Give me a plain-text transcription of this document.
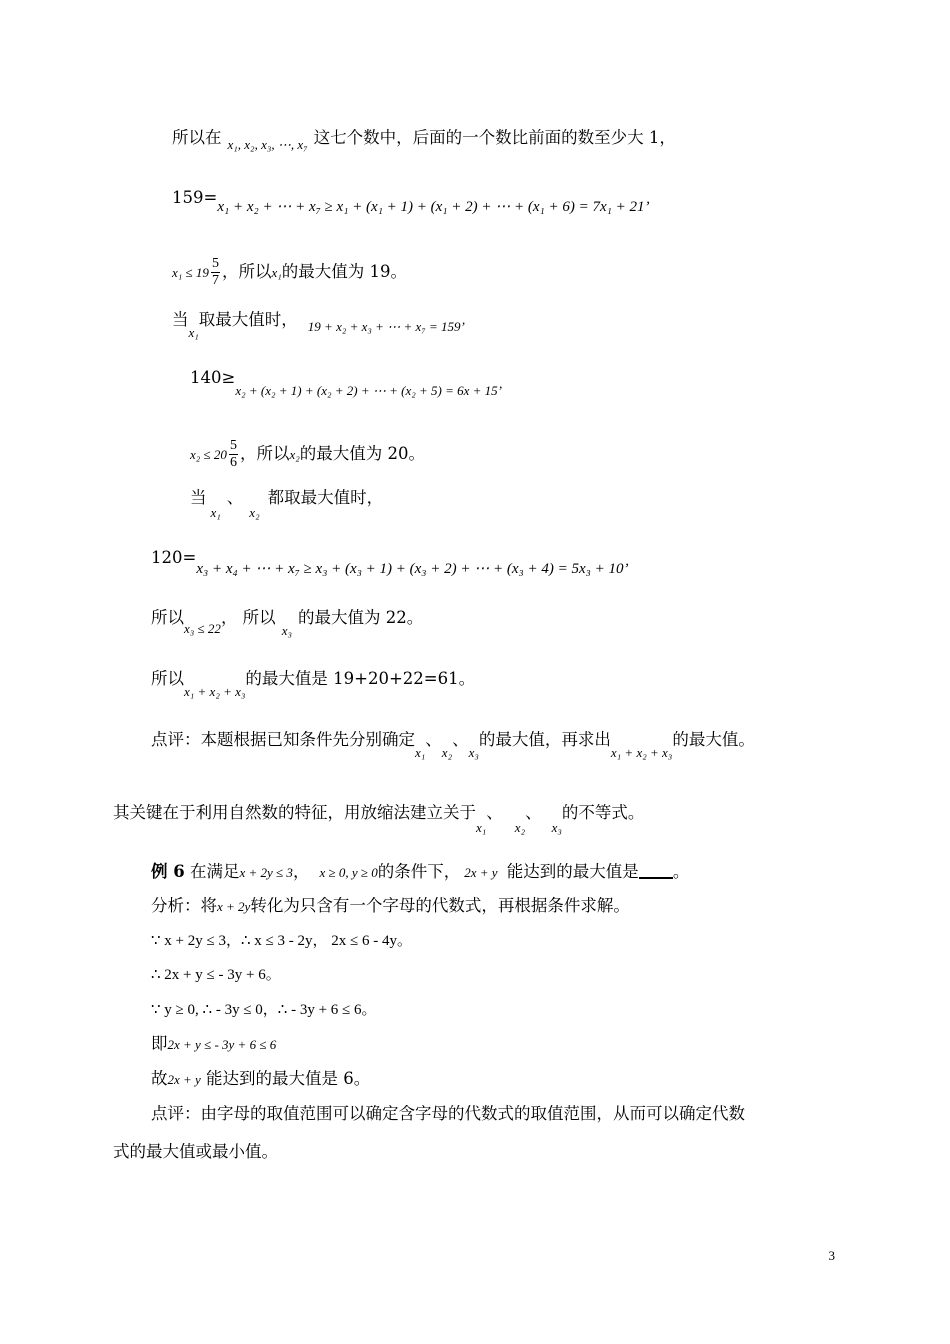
所以在 $_{x_1, x_2, x_3, \cdots, x_7}$ 这七个数中，后面的一个数比前面的数至少大 1，
159=x₁ + x₂ + ⋯ + x₇ ≥ x₁ + (x₁ + 1) + (x₁ + 2) + ⋯ + (x₁ + 6) = 7x₁ + 21’
$x_1 \le 19 \frac{5}{7}$ ，所以x₁的最大值为 19。
当$_{x_1}$取最大值时， $_{19 + x_2 + x_3 + \cdots + x_7 = 159’}$
$140\ge_{x_2 + (x_2 + 1) + (x_2 + 2) + \cdots + (x_2 + 5) = 6x + 15’}$
$x_2 \le 20 \frac{5}{6}$ ，所以x₂的最大值为 20。
当$_{x_1}$、$_{x_2}$都取最大值时，
120=x₃ + x₄ + ⋯ + x₇ ≥ x₃ + (x₃ + 1) + (x₃ + 2) + ⋯ + (x₃ + 4) = 5x₃ + 10’
所以$_{x_3 \le 22}$， 所以$_{x_3}$的最大值为 22。
所以$_{x_1 + x_2 + x_3}$的最大值是 19+20+22=61。
点评：本题根据已知条件先分别确定$_{x_1}$、$_{x_2}$、$_{x_3}$的最大值，再求出$_{x_1 + x_2 + x_3}$的最大值。
其关键在于利用自然数的特征，用放缩法建立关于$_{x_1}$、$_{x_2}$、$_{x_3}$的不等式。
例 6 在满足x + 2y ≤ 3， x ≥ 0, y ≥ 0的条件下， 2x + y 能达到的最大值是 。
分析：将x + 2y转化为只含有一个字母的代数式，再根据条件求解。
∵ x + 2y ≤ 3，∴ x ≤ 3 - 2y， 2x ≤ 6 - 4y。
∴ 2x + y ≤ - 3y + 6。
∵ y ≥ 0, ∴ - 3y ≤ 0，∴ - 3y + 6 ≤ 6。
即2x + y ≤ - 3y + 6 ≤ 6
故2x + y 能达到的最大值是 6。
点评：由字母的取值范围可以确定含字母的代数式的取值范围，从而可以确定代数
式的最大值或最小值。
3
